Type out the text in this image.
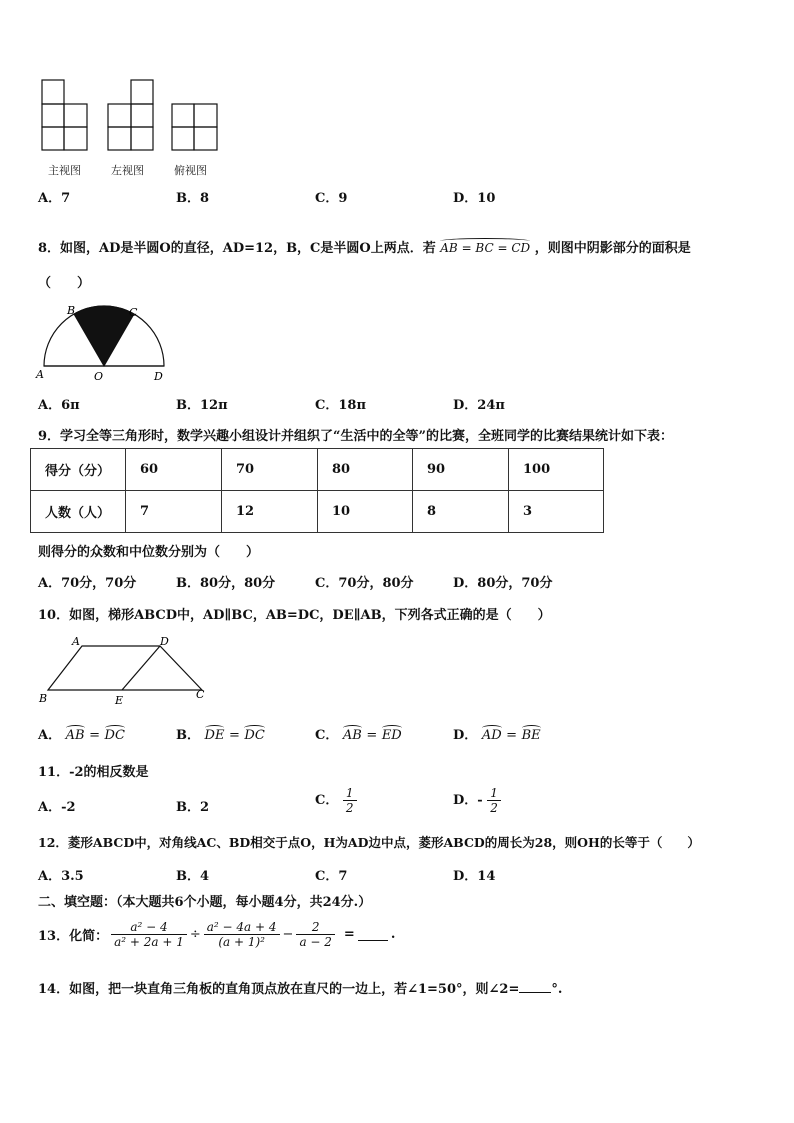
主视图	左视图	俯视图
A．7	B．8	C．9	D．10
8．如图，AD是半圆O的直径，AD=12，B，C是半圆O上两点．若 AB = BC = CD ，则图中阴影部分的面积是
（　　）
A
B	C
D
O
A．6π	B．12π	C．18π	D．24π
9．学习全等三角形时，数学兴趣小组设计并组织了“生活中的全等”的比赛，全班同学的比赛结果统计如下表：
得分（分）	60	70	80	90	100
人数（人）	7	12	10	8	3
则得分的众数和中位数分别为（　　）
A．70分，70分	B．80分，80分	C．70分，80分	D．80分，70分
10．如图，梯形ABCD中，AD∥BC，AB=DC，DE∥AB，下列各式正确的是（　　）
A	D
B	E	C
A． AB = DC	B． DE = DC	C． AB = ED	D． AD = BE
11．-2的相反数是
A．-2	B．2	C． $\frac{1}{2}$	D．- $\frac{1}{2}$
12．菱形ABCD中，对角线AC、BD相交于点O，H为AD边中点，菱形ABCD的周长为28，则OH的长等于（　　）
A．3.5	B．4	C．7	D．14
二、填空题：（本大题共6个小题，每小题4分，共24分.）
13．化简： $\frac{\text{a² − 4}}{\text{a² + 2a + 1}} \div \frac{\text{a² − 4a + 4}}{\text{(a + 1)²}} - \frac{2}{a - 2}$ =	.
14．如图，把一块直角三角板的直角顶点放在直尺的一边上，若∠1=50°，则∠2= °.
